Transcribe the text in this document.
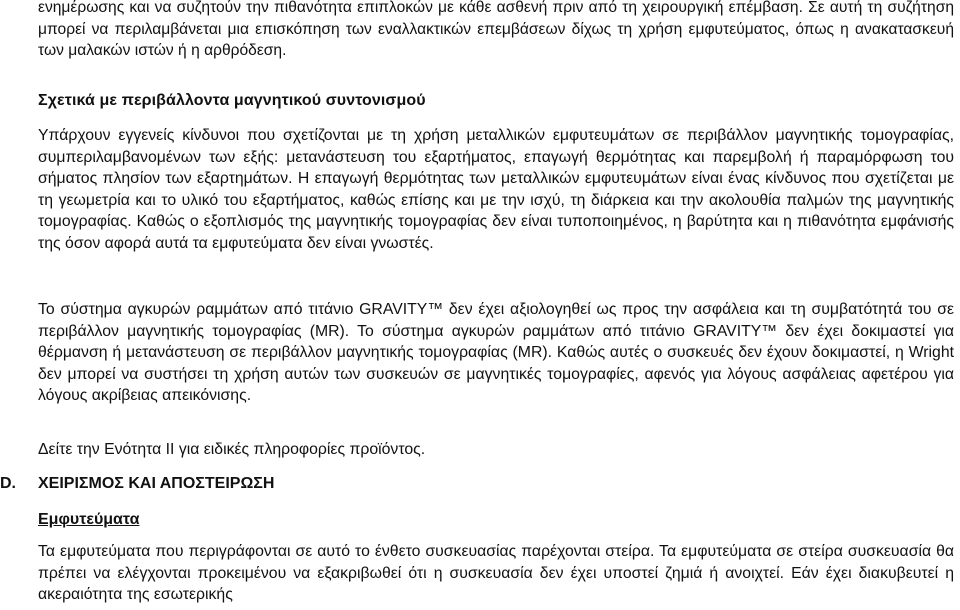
ενημέρωσης και να συζητούν την πιθανότητα επιπλοκών με κάθε ασθενή πριν από τη χειρουργική επέμβαση. Σε αυτή τη συζήτηση μπορεί να περιλαμβάνεται μια επισκόπηση των εναλλακτικών επεμβάσεων δίχως τη χρήση εμφυτεύματος, όπως η ανακατασκευή των μαλακών ιστών ή η αρθρόδεση.

Σχετικά με περιβάλλοντα μαγνητικού συντονισμού

Υπάρχουν εγγενείς κίνδυνοι που σχετίζονται με τη χρήση μεταλλικών εμφυτευμάτων σε περιβάλλον μαγνητικής τομογραφίας, συμπεριλαμβανομένων των εξής: μετανάστευση του εξαρτήματος, επαγωγή θερμότητας και παρεμβολή ή παραμόρφωση του σήματος πλησίον των εξαρτημάτων. Η επαγωγή θερμότητας των μεταλλικών εμφυτευμάτων είναι ένας κίνδυνος που σχετίζεται με τη γεωμετρία και το υλικό του εξαρτήματος, καθώς επίσης και με την ισχύ, τη διάρκεια και την ακολουθία παλμών της μαγνητικής τομογραφίας. Καθώς ο εξοπλισμός της μαγνητικής τομογραφίας δεν είναι τυποποιημένος, η βαρύτητα και η πιθανότητα εμφάνισής της όσον αφορά αυτά τα εμφυτεύματα δεν είναι γνωστές.

Το σύστημα αγκυρών ραμμάτων από τιτάνιο GRAVITY™ δεν έχει αξιολογηθεί ως προς την ασφάλεια και τη συμβατότητά του σε περιβάλλον μαγνητικής τομογραφίας (MR). Το σύστημα αγκυρών ραμμάτων από τιτάνιο GRAVITY™ δεν έχει δοκιμαστεί για θέρμανση ή μετανάστευση σε περιβάλλον μαγνητικής τομογραφίας (MR). Καθώς αυτές ο συσκευές δεν έχουν δοκιμαστεί, η Wright δεν μπορεί να συστήσει τη χρήση αυτών των συσκευών σε μαγνητικές τομογραφίες, αφενός για λόγους ασφάλειας αφετέρου για λόγους ακρίβειας απεικόνισης.

Δείτε την Ενότητα II για ειδικές πληροφορίες προϊόντος.

D. ΧΕΙΡΙΣΜΟΣ ΚΑΙ ΑΠΟΣΤΕΙΡΩΣΗ
Εμφυτεύματα

Τα εμφυτεύματα που περιγράφονται σε αυτό το ένθετο συσκευασίας παρέχονται στείρα. Τα εμφυτεύματα σε στείρα συσκευασία θα πρέπει να ελέγχονται προκειμένου να εξακριβωθεί ότι η συσκευασία δεν έχει υποστεί ζημιά ή ανοιχτεί. Εάν έχει διακυβευτεί η ακεραιότητα της εσωτερικής
